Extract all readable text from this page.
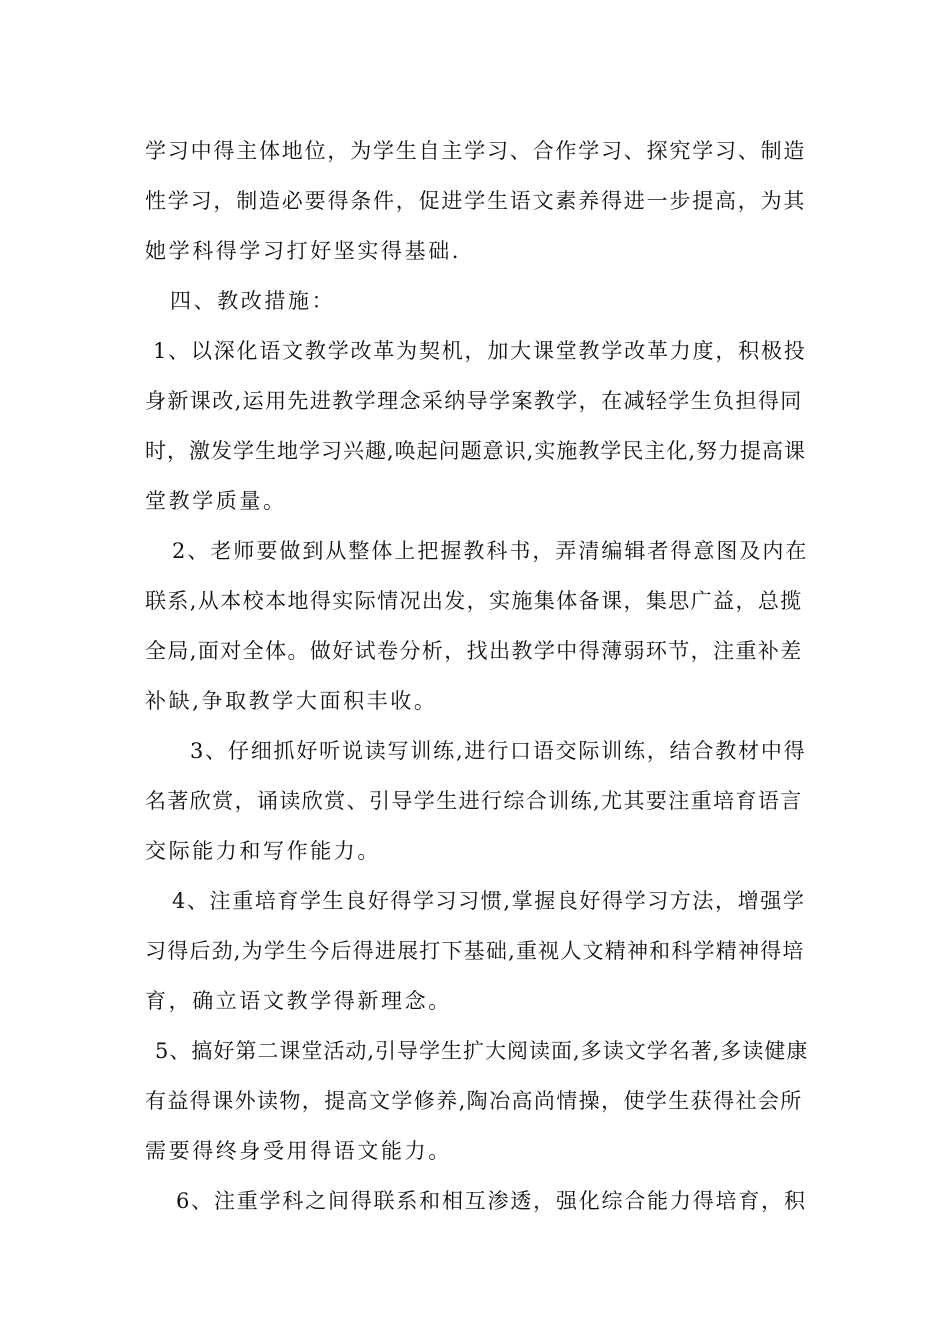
学习中得主体地位，为学生自主学习、合作学习、探究学习、制造
性学习，制造必要得条件，促进学生语文素养得进一步提高，为其
她学科得学习打好坚实得基础.
四、教改措施：
1、以深化语文教学改革为契机，加大课堂教学改革力度，积极投
身新课改,运用先进教学理念采纳导学案教学，在减轻学生负担得同
时，激发学生地学习兴趣,唤起问题意识,实施教学民主化,努力提高课
堂教学质量。
2、老师要做到从整体上把握教科书，弄清编辑者得意图及内在
联系,从本校本地得实际情况出发，实施集体备课，集思广益，总揽
全局,面对全体。做好试卷分析，找出教学中得薄弱环节，注重补差
补缺,争取教学大面积丰收。
3、仔细抓好听说读写训练,进行口语交际训练，结合教材中得
名著欣赏，诵读欣赏、引导学生进行综合训练,尤其要注重培育语言
交际能力和写作能力。
4、注重培育学生良好得学习习惯,掌握良好得学习方法，增强学
习得后劲,为学生今后得进展打下基础,重视人文精神和科学精神得培
育，确立语文教学得新理念。
5、搞好第二课堂活动,引导学生扩大阅读面,多读文学名著,多读健康
有益得课外读物，提高文学修养,陶冶高尚情操，使学生获得社会所
需要得终身受用得语文能力。
6、注重学科之间得联系和相互渗透，强化综合能力得培育，积
